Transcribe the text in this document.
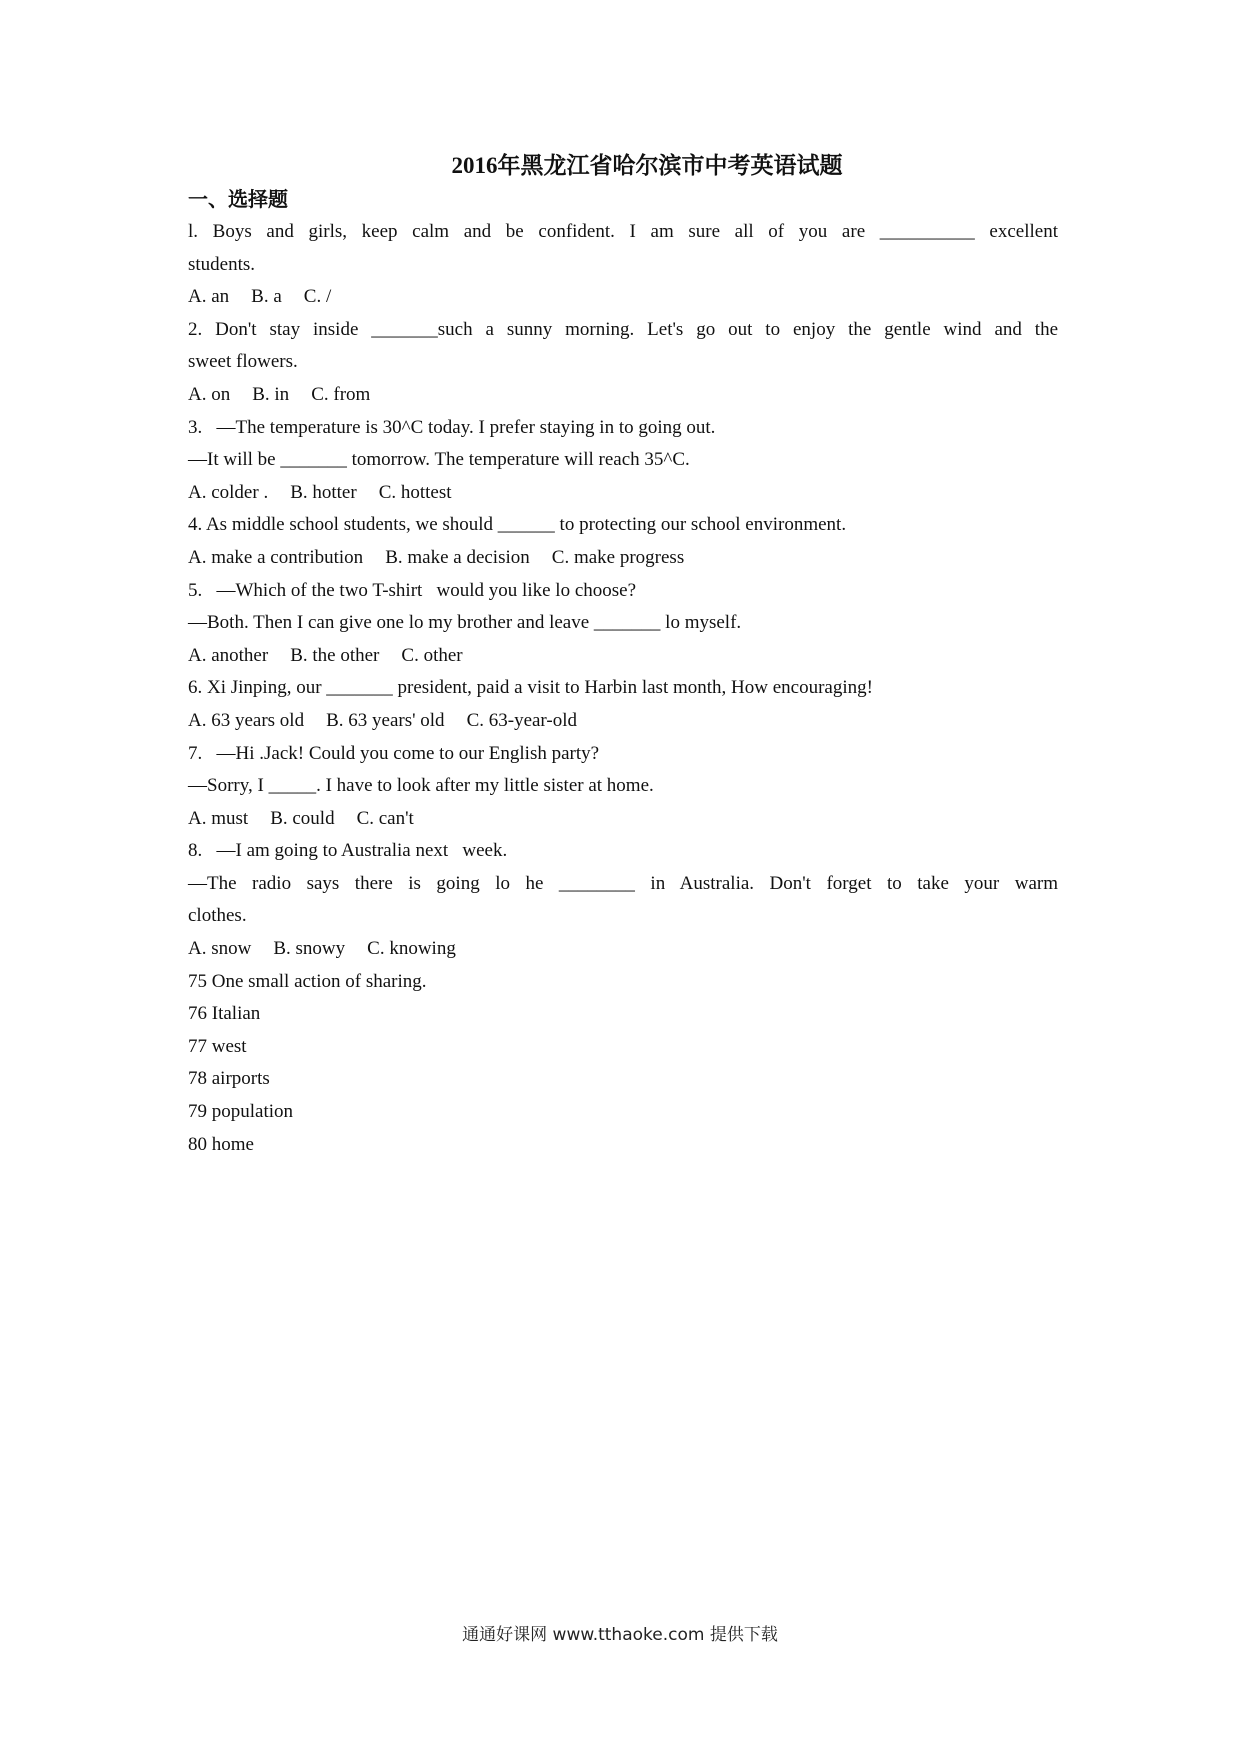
2016年黑龙江省哈尔滨市中考英语试题
一、选择题
l. Boys and girls, keep calm and be confident. I am sure all of you are __________ excellent
students.
A. an B. a C. /
2. Don't stay inside _______such a sunny morning. Let's go out to enjoy the gentle wind and the
sweet flowers.
A. on B. in C. from
3.   —The temperature is 30^C today. I prefer staying in to going out.
—It will be _______ tomorrow. The temperature will reach 35^C.
A. colder . B. hotter C. hottest
4. As middle school students, we should ______ to protecting our school environment.
A. make a contribution B. make a decision C. make progress
5.   —Which of the two T-shirt   would you like lo choose?
—Both. Then I can give one lo my brother and leave _______ lo myself.
A. another B. the other C. other
6. Xi Jinping, our _______ president, paid a visit to Harbin last month, How encouraging!
A. 63 years old B. 63 years' old C. 63-year-old
7.   —Hi .Jack! Could you come to our English party?
—Sorry, I _____. I have to look after my little sister at home.
A. must B. could C. can't
8.   —I am going to Australia next   week.
—The radio says there is going lo he ________ in Australia. Don't forget to take your warm
clothes.
A. snow B. snowy C. knowing
75 One small action of sharing.
76 Italian
77 west
78 airports
79 population
80 home
通通好课网 www.tthaoke.com 提供下载
